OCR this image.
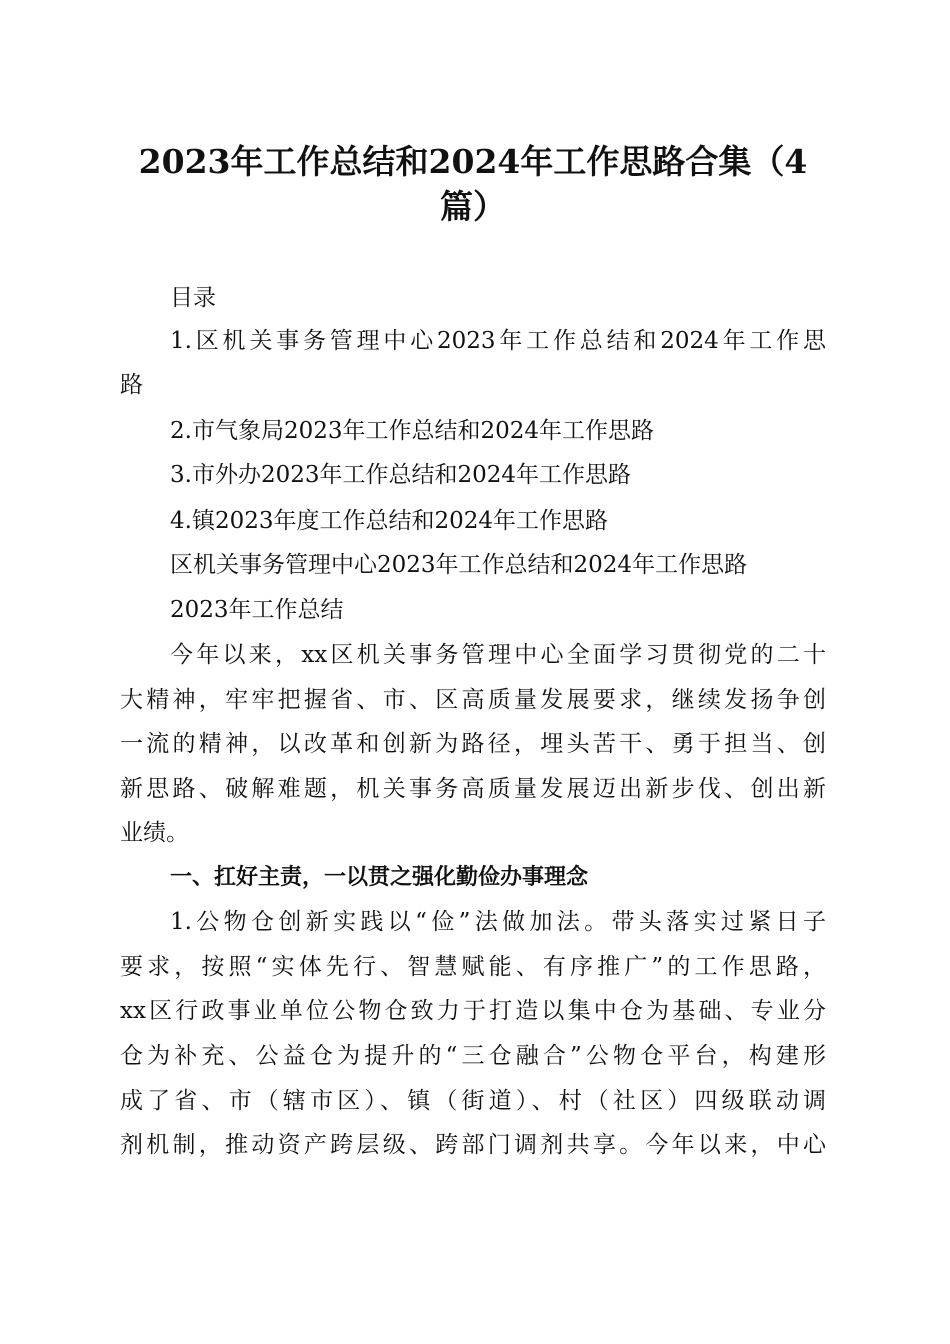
2023年工作总结和2024年工作思路合集（4
篇）
目录
1.区机关事务管理中心2023年工作总结和2024年工作思
路
2.市气象局2023年工作总结和2024年工作思路
3.市外办2023年工作总结和2024年工作思路
4.镇2023年度工作总结和2024年工作思路
区机关事务管理中心2023年工作总结和2024年工作思路
2023年工作总结
今年以来，xx区机关事务管理中心全面学习贯彻党的二十
大精神，牢牢把握省、市、区高质量发展要求，继续发扬争创
一流的精神，以改革和创新为路径，埋头苦干、勇于担当、创
新思路、破解难题，机关事务高质量发展迈出新步伐、创出新
业绩。
一、扛好主责，一以贯之强化勤俭办事理念
1.公物仓创新实践以“俭”法做加法。带头落实过紧日子
要求，按照“实体先行、智慧赋能、有序推广”的工作思路，
xx区行政事业单位公物仓致力于打造以集中仓为基础、专业分
仓为补充、公益仓为提升的“三仓融合”公物仓平台，构建形
成了省、市（辖市区）、镇（街道）、村（社区）四级联动调
剂机制，推动资产跨层级、跨部门调剂共享。今年以来，中心
